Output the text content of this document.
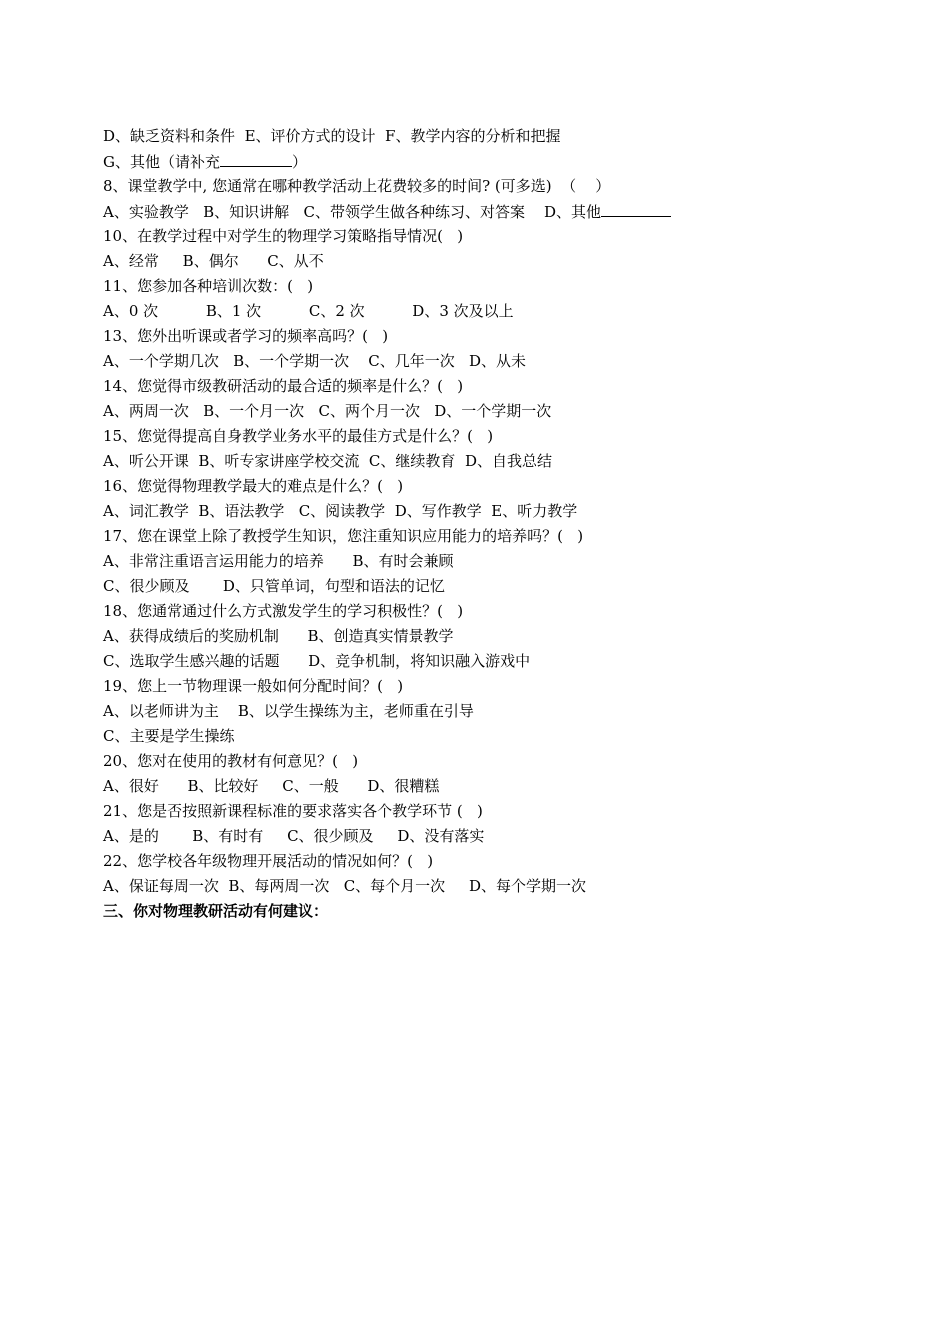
D、缺乏资料和条件  E、评价方式的设计  F、教学内容的分析和把握

G、其他（请补充	）

8、课堂教学中, 您通常在哪种教学活动上花费较多的时间? (可多选)  （    ）

A、实验教学   B、知识讲解   C、带领学生做各种练习、对答案    D、其他

10、在教学过程中对学生的物理学习策略指导情况(   )

A、经常     B、偶尔      C、从不

11、您参加各种培训次数：(   )

A、0 次          B、1 次          C、2 次          D、3 次及以上

13、您外出听课或者学习的频率高吗？(   )

A、一个学期几次   B、一个学期一次    C、几年一次   D、从未

14、您觉得市级教研活动的最合适的频率是什么？(   )

A、两周一次   B、一个月一次   C、两个月一次   D、一个学期一次

15、您觉得提高自身教学业务水平的最佳方式是什么？(   )

A、听公开课  B、听专家讲座学校交流  C、继续教育  D、自我总结

16、您觉得物理教学最大的难点是什么？(   )

A、词汇教学  B、语法教学   C、阅读教学  D、写作教学  E、听力教学

17、您在课堂上除了教授学生知识，您注重知识应用能力的培养吗？(   )

A、非常注重语言运用能力的培养      B、有时会兼顾

C、很少顾及       D、只管单词，句型和语法的记忆

18、您通常通过什么方式激发学生的学习积极性？(   )

A、获得成绩后的奖励机制      B、创造真实情景教学

C、选取学生感兴趣的话题      D、竞争机制，将知识融入游戏中

19、您上一节物理课一般如何分配时间？(   )

A、以老师讲为主    B、以学生操练为主，老师重在引导

C、主要是学生操练

20、您对在使用的教材有何意见？(   )

A、很好      B、比较好     C、一般      D、很糟糕

21、您是否按照新课程标准的要求落实各个教学环节 (   )

A、是的       B、有时有     C、很少顾及     D、没有落实

22、您学校各年级物理开展活动的情况如何？(   )

A、保证每周一次  B、每两周一次   C、每个月一次     D、每个学期一次

三、你对物理教研活动有何建议：
